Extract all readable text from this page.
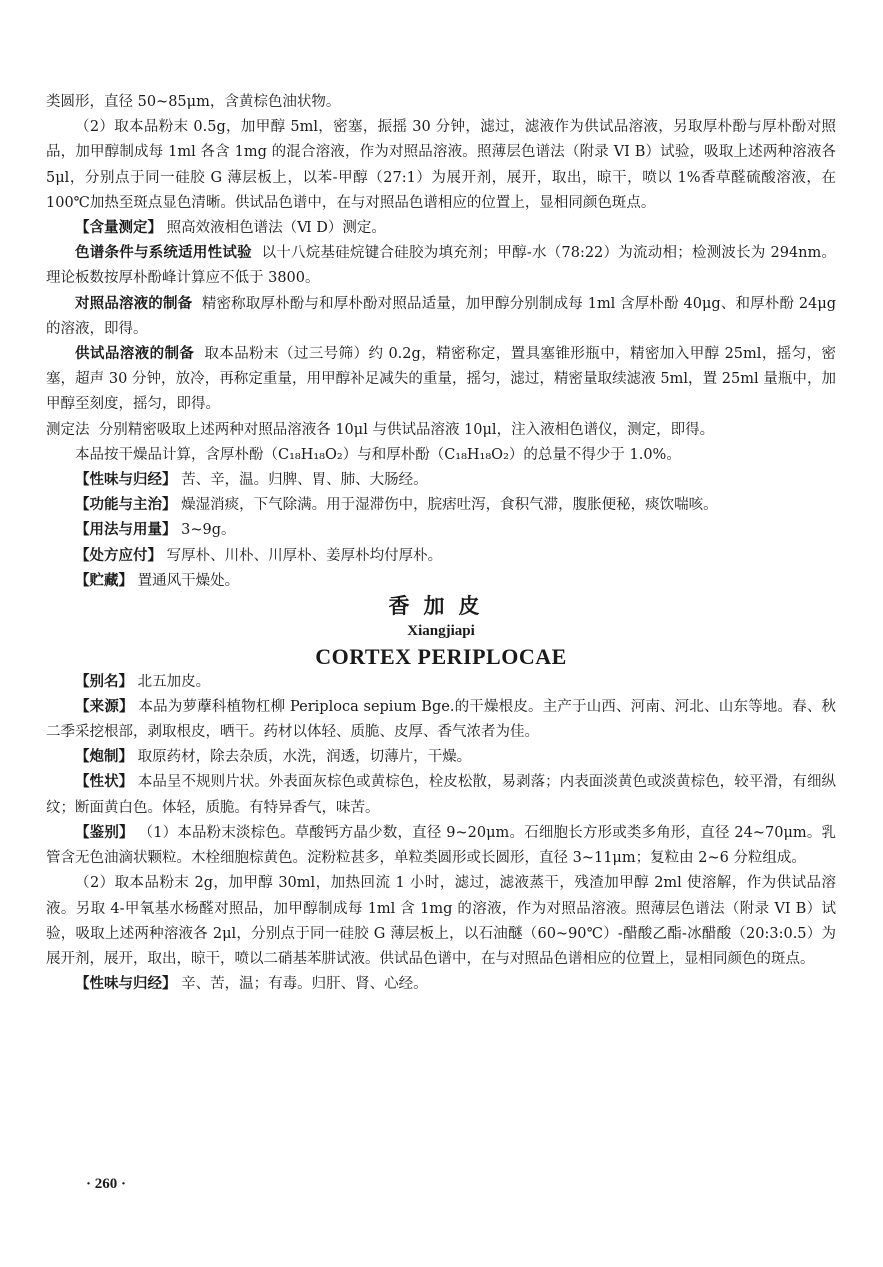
类圆形，直径 50~85μm，含黄棕色油状物。

（2）取本品粉末 0.5g，加甲醇 5ml，密塞，振摇 30 分钟，滤过，滤液作为供试品溶液，另取厚朴酚与厚朴酚对照品，加甲醇制成每 1ml 各含 1mg 的混合溶液，作为对照品溶液。照薄层色谱法（附录 VI B）试验，吸取上述两种溶液各 5μl，分别点于同一硅胶 G 薄层板上，以苯-甲醇（27:1）为展开剂，展开，取出，晾干，喷以 1%香草醛硫酸溶液，在 100℃加热至斑点显色清晰。供试品色谱中，在与对照品色谱相应的位置上，显相同颜色斑点。

【含量测定】 照高效液相色谱法（Ⅵ D）测定。

色谱条件与系统适用性试验 以十八烷基硅烷键合硅胶为填充剂；甲醇-水（78:22）为流动相；检测波长为 294nm。理论板数按厚朴酚峰计算应不低于 3800。

对照品溶液的制备 精密称取厚朴酚与和厚朴酚对照品适量，加甲醇分别制成每 1ml 含厚朴酚 40μg、和厚朴酚 24μg 的溶液，即得。

供试品溶液的制备 取本品粉末（过三号筛）约 0.2g，精密称定，置具塞锥形瓶中，精密加入甲醇 25ml，摇匀，密塞，超声 30 分钟，放冷，再称定重量，用甲醇补足减失的重量，摇匀，滤过，精密量取续滤液 5ml，置 25ml 量瓶中，加甲醇至刻度，摇匀，即得。

测定法 分别精密吸取上述两种对照品溶液各 10μl 与供试品溶液 10μl，注入液相色谱仪，测定，即得。

本品按干燥品计算，含厚朴酚（C₁₈H₁₈O₂）与和厚朴酚（C₁₈H₁₈O₂）的总量不得少于 1.0%。

【性味与归经】 苦、辛，温。归脾、胃、肺、大肠经。

【功能与主治】 燥湿消痰，下气除满。用于湿滞伤中，脘痞吐泻，食积气滞，腹胀便秘，痰饮喘咳。

【用法与用量】 3~9g。

【处方应付】 写厚朴、川朴、川厚朴、姜厚朴均付厚朴。

【贮藏】 置通风干燥处。

香加皮

Xiangjiapi

CORTEX PERIPLOCAE

【别名】 北五加皮。

【来源】 本品为萝藦科植物杠柳 Periploca sepium Bge.的干燥根皮。主产于山西、河南、河北、山东等地。春、秋二季采挖根部，剥取根皮，晒干。药材以体轻、质脆、皮厚、香气浓者为佳。

【炮制】 取原药材，除去杂质，水洗，润透，切薄片，干燥。

【性状】 本品呈不规则片状。外表面灰棕色或黄棕色，栓皮松散，易剥落；内表面淡黄色或淡黄棕色，较平滑，有细纵纹；断面黄白色。体轻，质脆。有特异香气，味苦。

【鉴别】 （1）本品粉末淡棕色。草酸钙方晶少数，直径 9~20μm。石细胞长方形或类多角形，直径 24~70μm。乳管含无色油滴状颗粒。木栓细胞棕黄色。淀粉粒甚多，单粒类圆形或长圆形，直径 3~11μm；复粒由 2~6 分粒组成。

（2）取本品粉末 2g，加甲醇 30ml，加热回流 1 小时，滤过，滤液蒸干，残渣加甲醇 2ml 使溶解，作为供试品溶液。另取 4-甲氧基水杨醛对照品，加甲醇制成每 1ml 含 1mg 的溶液，作为对照品溶液。照薄层色谱法（附录 VI B）试验，吸取上述两种溶液各 2μl，分别点于同一硅胶 G 薄层板上，以石油醚（60~90℃）-醋酸乙酯-冰醋酸（20:3:0.5）为展开剂，展开，取出，晾干，喷以二硝基苯肼试液。供试品色谱中，在与对照品色谱相应的位置上，显相同颜色的斑点。

【性味与归经】 辛、苦，温；有毒。归肝、肾、心经。

· 260 ·
